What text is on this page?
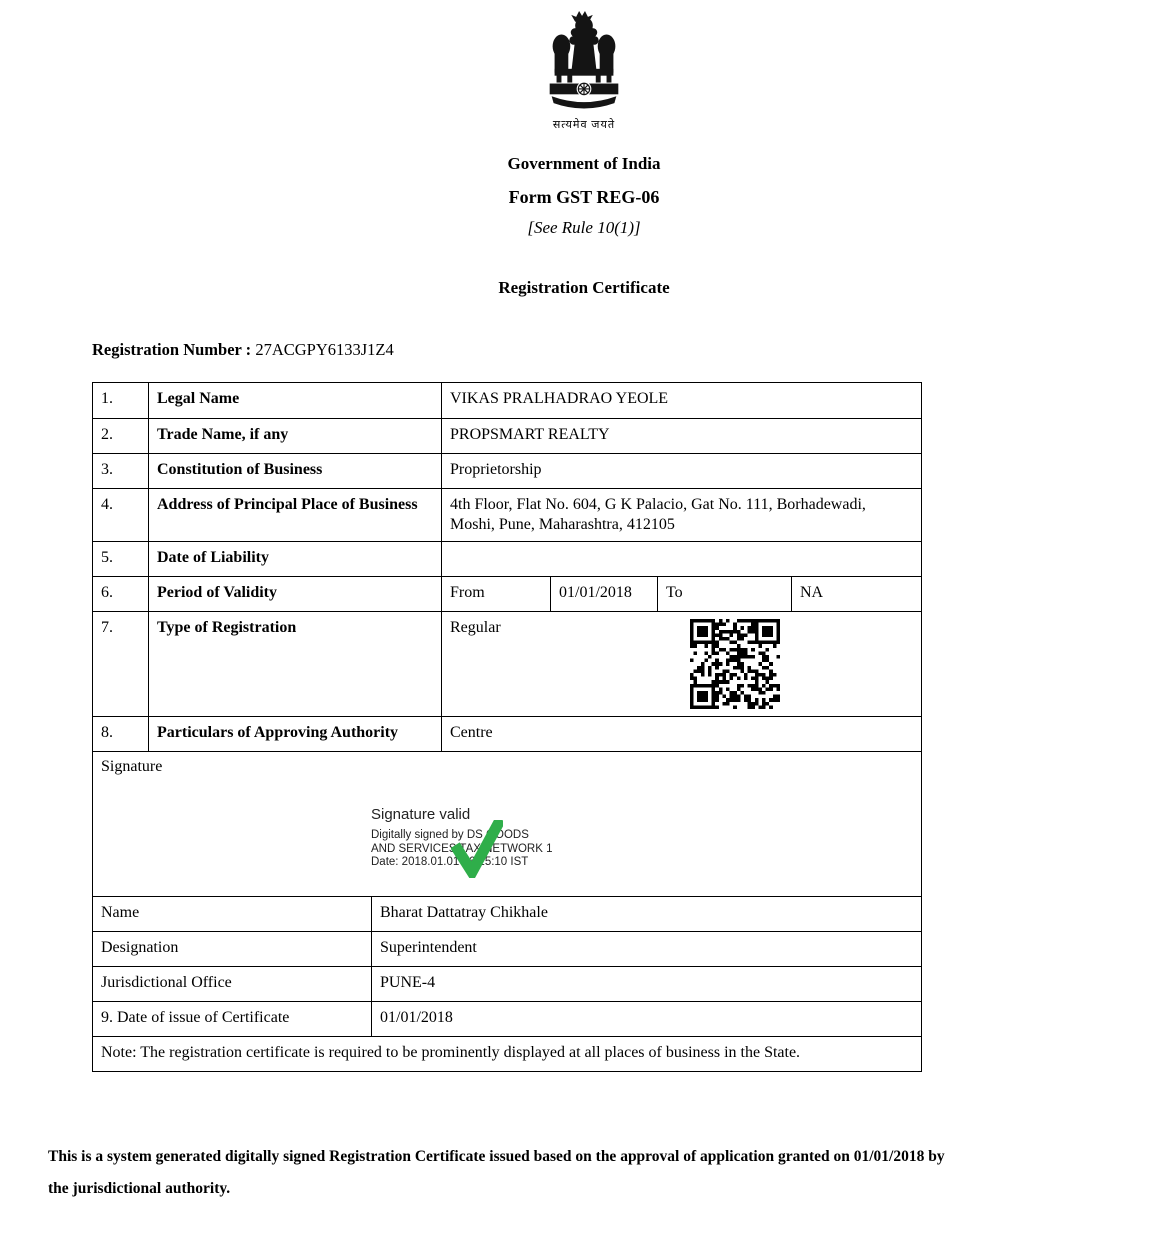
सत्यमेव जयते
Government of India
Form GST REG-06
[See Rule 10(1)]
Registration Certificate
Registration Number : 27ACGPY6133J1Z4
1.	Legal Name	VIKAS PRALHADRAO YEOLE
2.	Trade Name, if any	PROPSMART REALTY
3.	Constitution of Business	Proprietorship
4.	Address of Principal Place of Business	4th Floor, Flat No. 604, G K Palacio, Gat No. 111, Borhadewadi, Moshi, Pune, Maharashtra, 412105
5.	Date of Liability
6.	Period of Validity	From	01/01/2018	To	NA
7.	Type of Registration	Regular
8.	Particulars of Approving Authority	Centre
Signature
Signature valid
Digitally signed by DS GOODS
AND SERVICES TAX NETWORK 1
Date: 2018.01.01 16:15:10 IST
Name	Bharat Dattatray Chikhale
Designation	Superintendent
Jurisdictional Office	PUNE-4
9. Date of issue of Certificate	01/01/2018
Note: The registration certificate is required to be prominently displayed at all places of business in the State.
This is a system generated digitally signed Registration Certificate issued based on the approval of application granted on 01/01/2018 by the jurisdictional authority.
